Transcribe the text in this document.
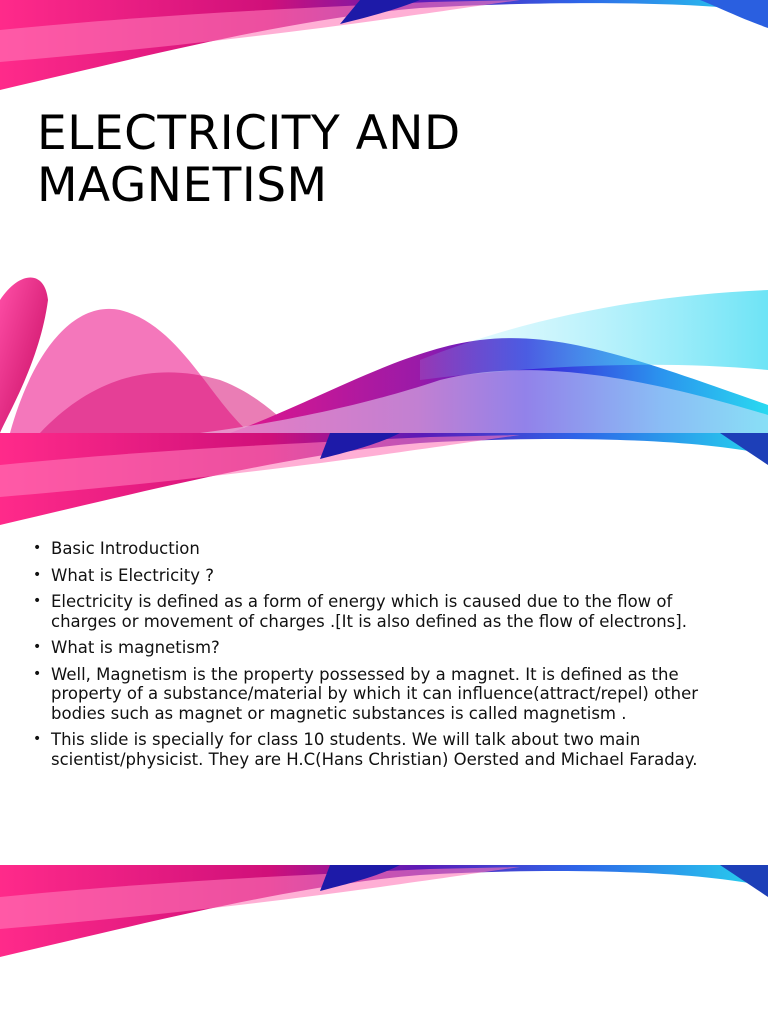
ELECTRICITY AND
MAGNETISM
• Basic Introduction
• What is Electricity ?
• Electricity is defined as a form of energy which is caused due to the flow of charges or movement of charges .[It is also defined as the flow of electrons].
• What is magnetism?
• Well, Magnetism is the property possessed by a magnet. It is defined as the property of a substance/material by which it can influence(attract/repel) other bodies such as magnet or magnetic substances is called magnetism .
• This slide is specially for class 10 students. We will talk about two main scientist/physicist. They are H.C(Hans Christian) Oersted and Michael Faraday.
